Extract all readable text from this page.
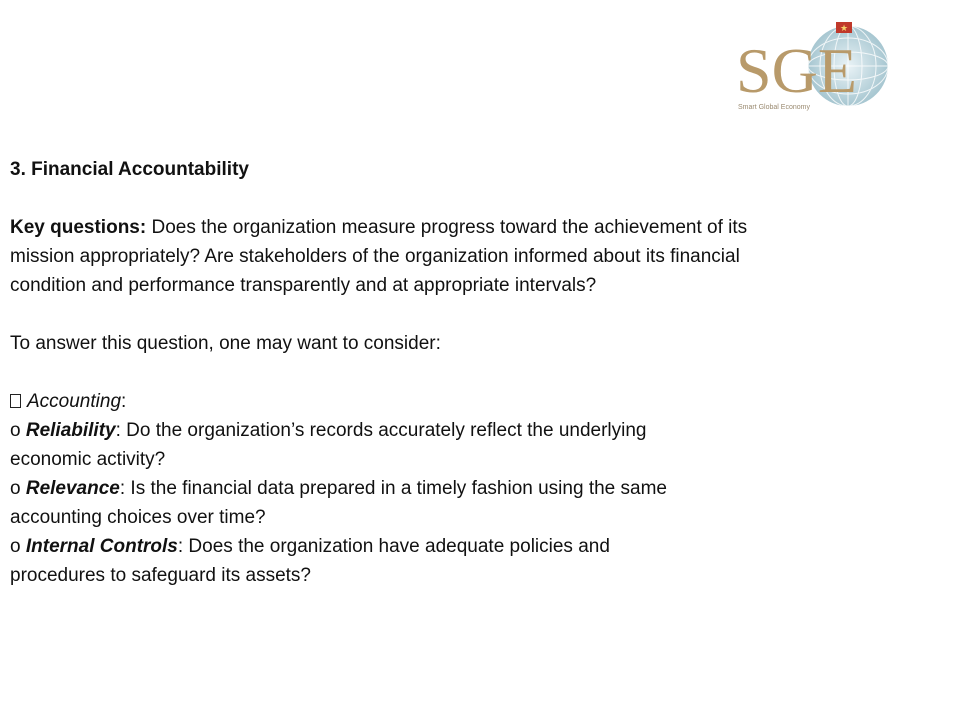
★
SGE
Smart Global Economy

3. Financial Accountability

Key questions: Does the organization measure progress toward the achievement of its

mission appropriately? Are stakeholders of the organization informed about its financial

condition and performance transparently and at appropriate intervals?

To answer this question, one may want to consider:

Accounting:

o Reliability: Do the organization’s records accurately reflect the underlying

economic activity?

o Relevance: Is the financial data prepared in a timely fashion using the same

accounting choices over time?

o Internal Controls: Does the organization have adequate policies and

procedures to safeguard its assets?
